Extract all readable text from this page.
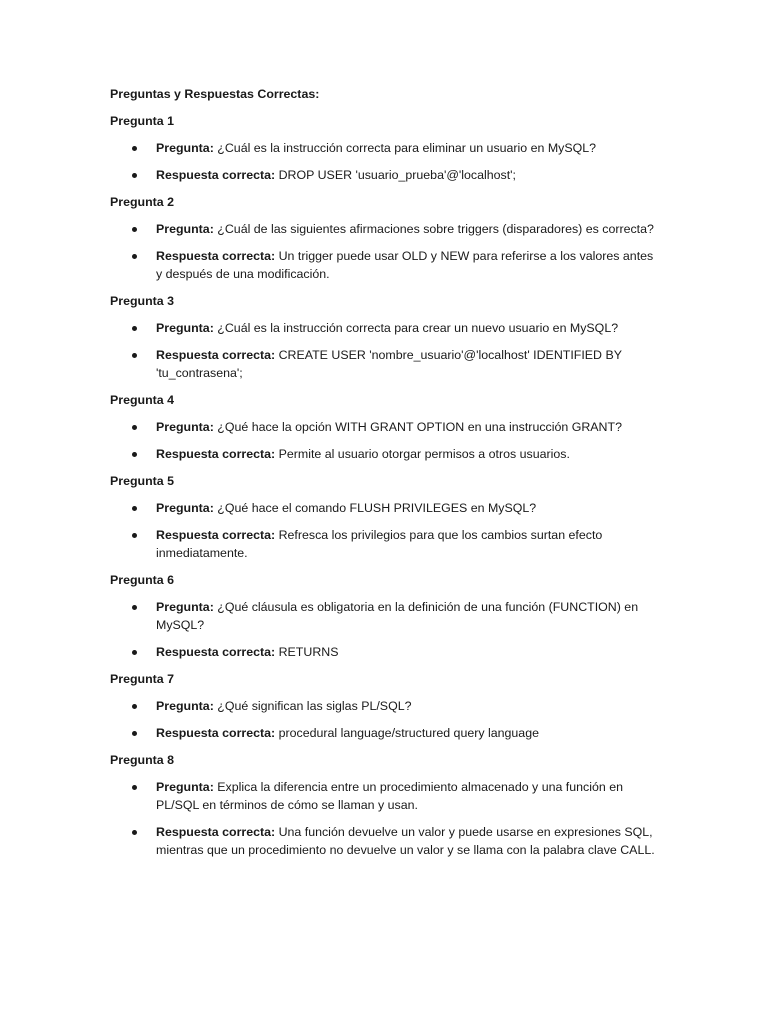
Preguntas y Respuestas Correctas:
Pregunta 1
Pregunta: ¿Cuál es la instrucción correcta para eliminar un usuario en MySQL?
Respuesta correcta: DROP USER 'usuario_prueba'@'localhost';
Pregunta 2
Pregunta: ¿Cuál de las siguientes afirmaciones sobre triggers (disparadores) es correcta?
Respuesta correcta: Un trigger puede usar OLD y NEW para referirse a los valores antes y después de una modificación.
Pregunta 3
Pregunta: ¿Cuál es la instrucción correcta para crear un nuevo usuario en MySQL?
Respuesta correcta: CREATE USER 'nombre_usuario'@'localhost' IDENTIFIED BY 'tu_contrasena';
Pregunta 4
Pregunta: ¿Qué hace la opción WITH GRANT OPTION en una instrucción GRANT?
Respuesta correcta: Permite al usuario otorgar permisos a otros usuarios.
Pregunta 5
Pregunta: ¿Qué hace el comando FLUSH PRIVILEGES en MySQL?
Respuesta correcta: Refresca los privilegios para que los cambios surtan efecto inmediatamente.
Pregunta 6
Pregunta: ¿Qué cláusula es obligatoria en la definición de una función (FUNCTION) en MySQL?
Respuesta correcta: RETURNS
Pregunta 7
Pregunta: ¿Qué significan las siglas PL/SQL?
Respuesta correcta: procedural language/structured query language
Pregunta 8
Pregunta: Explica la diferencia entre un procedimiento almacenado y una función en PL/SQL en términos de cómo se llaman y usan.
Respuesta correcta: Una función devuelve un valor y puede usarse en expresiones SQL, mientras que un procedimiento no devuelve un valor y se llama con la palabra clave CALL.
